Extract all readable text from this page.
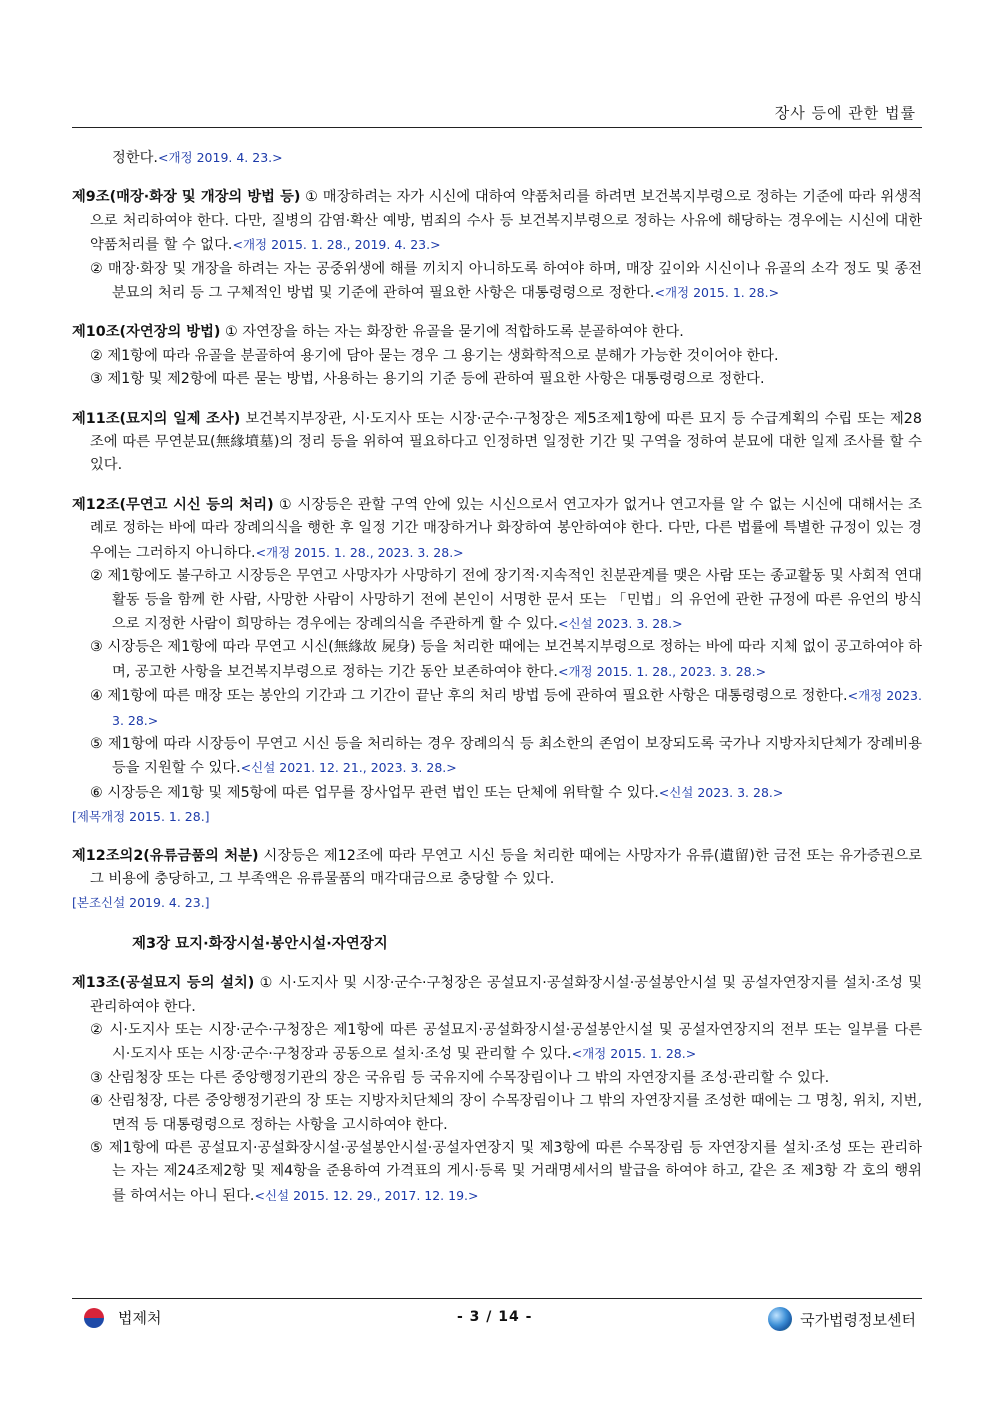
장사 등에 관한 법률
정한다.<개정 2019. 4. 23.>
제9조(매장·화장 및 개장의 방법 등) ① 매장하려는 자가 시신에 대하여 약품처리를 하려면 보건복지부령으로 정하는 기준에 따라 위생적으로 처리하여야 한다. 다만, 질병의 감염·확산 예방, 범죄의 수사 등 보건복지부령으로 정하는 사유에 해당하는 경우에는 시신에 대한 약품처리를 할 수 없다.<개정 2015. 1. 28., 2019. 4. 23.>
② 매장·화장 및 개장을 하려는 자는 공중위생에 해를 끼치지 아니하도록 하여야 하며, 매장 깊이와 시신이나 유골의 소각 정도 및 종전 분묘의 처리 등 그 구체적인 방법 및 기준에 관하여 필요한 사항은 대통령령으로 정한다.<개정 2015. 1. 28.>
제10조(자연장의 방법) ① 자연장을 하는 자는 화장한 유골을 묻기에 적합하도록 분골하여야 한다.
② 제1항에 따라 유골을 분골하여 용기에 담아 묻는 경우 그 용기는 생화학적으로 분해가 가능한 것이어야 한다.
③ 제1항 및 제2항에 따른 묻는 방법, 사용하는 용기의 기준 등에 관하여 필요한 사항은 대통령령으로 정한다.
제11조(묘지의 일제 조사) 보건복지부장관, 시·도지사 또는 시장·군수·구청장은 제5조제1항에 따른 묘지 등 수급계획의 수립 또는 제28조에 따른 무연분묘(無緣墳墓)의 정리 등을 위하여 필요하다고 인정하면 일정한 기간 및 구역을 정하여 분묘에 대한 일제 조사를 할 수 있다.
제12조(무연고 시신 등의 처리) ① 시장등은 관할 구역 안에 있는 시신으로서 연고자가 없거나 연고자를 알 수 없는 시신에 대해서는 조례로 정하는 바에 따라 장례의식을 행한 후 일정 기간 매장하거나 화장하여 봉안하여야 한다. 다만, 다른 법률에 특별한 규정이 있는 경우에는 그러하지 아니하다.<개정 2015. 1. 28., 2023. 3. 28.>
② 제1항에도 불구하고 시장등은 무연고 사망자가 사망하기 전에 장기적·지속적인 친분관계를 맺은 사람 또는 종교활동 및 사회적 연대활동 등을 함께 한 사람, 사망한 사람이 사망하기 전에 본인이 서명한 문서 또는 「민법」의 유언에 관한 규정에 따른 유언의 방식으로 지정한 사람이 희망하는 경우에는 장례의식을 주관하게 할 수 있다.<신설 2023. 3. 28.>
③ 시장등은 제1항에 따라 무연고 시신(無緣故 屍身) 등을 처리한 때에는 보건복지부령으로 정하는 바에 따라 지체 없이 공고하여야 하며, 공고한 사항을 보건복지부령으로 정하는 기간 동안 보존하여야 한다.<개정 2015. 1. 28., 2023. 3. 28.>
④ 제1항에 따른 매장 또는 봉안의 기간과 그 기간이 끝난 후의 처리 방법 등에 관하여 필요한 사항은 대통령령으로 정한다.<개정 2023. 3. 28.>
⑤ 제1항에 따라 시장등이 무연고 시신 등을 처리하는 경우 장례의식 등 최소한의 존엄이 보장되도록 국가나 지방자치단체가 장례비용 등을 지원할 수 있다.<신설 2021. 12. 21., 2023. 3. 28.>
⑥ 시장등은 제1항 및 제5항에 따른 업무를 장사업무 관련 법인 또는 단체에 위탁할 수 있다.<신설 2023. 3. 28.>
[제목개정 2015. 1. 28.]
제12조의2(유류금품의 처분) 시장등은 제12조에 따라 무연고 시신 등을 처리한 때에는 사망자가 유류(遺留)한 금전 또는 유가증권으로 그 비용에 충당하고, 그 부족액은 유류물품의 매각대금으로 충당할 수 있다.
[본조신설 2019. 4. 23.]
제3장 묘지·화장시설·봉안시설·자연장지
제13조(공설묘지 등의 설치) ① 시·도지사 및 시장·군수·구청장은 공설묘지·공설화장시설·공설봉안시설 및 공설자연장지를 설치·조성 및 관리하여야 한다.
② 시·도지사 또는 시장·군수·구청장은 제1항에 따른 공설묘지·공설화장시설·공설봉안시설 및 공설자연장지의 전부 또는 일부를 다른 시·도지사 또는 시장·군수·구청장과 공동으로 설치·조성 및 관리할 수 있다.<개정 2015. 1. 28.>
③ 산림청장 또는 다른 중앙행정기관의 장은 국유림 등 국유지에 수목장림이나 그 밖의 자연장지를 조성·관리할 수 있다.
④ 산림청장, 다른 중앙행정기관의 장 또는 지방자치단체의 장이 수목장림이나 그 밖의 자연장지를 조성한 때에는 그 명칭, 위치, 지번, 면적 등 대통령령으로 정하는 사항을 고시하여야 한다.
⑤ 제1항에 따른 공설묘지·공설화장시설·공설봉안시설·공설자연장지 및 제3항에 따른 수목장림 등 자연장지를 설치·조성 또는 관리하는 자는 제24조제2항 및 제4항을 준용하여 가격표의 게시·등록 및 거래명세서의 발급을 하여야 하고, 같은 조 제3항 각 호의 행위를 하여서는 아니 된다.<신설 2015. 12. 29., 2017. 12. 19.>
법제처	- 3 / 14 -	국가법령정보센터
